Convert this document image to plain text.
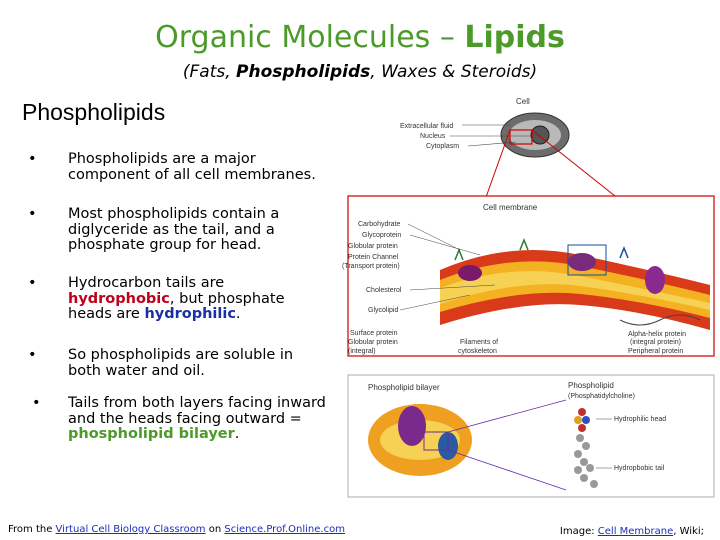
Organic Molecules – Lipids
(Fats, Phospholipids, Waxes & Steroids)
Phospholipids
• Phospholipids are a major component of all cell membranes.
• Most phospholipids contain a diglyceride as the tail, and a phosphate group for head.
• Hydrocarbon tails are hydrophobic, but phosphate heads are hydrophilic.
• So phospholipids are soluble in both water and oil.
• Tails from both layers facing inward and the heads facing outward = phospholipid bilayer.
Cell
Extracellular fluid
Nucleus
Cytoplasm
Cell membrane
Carbohydrate
Glycoprotein
Globular protein
Protein Channel
(Transport protein)
Cholesterol
Glycolipid
Surface protein
Globular protein
(integral)
Filaments of
cytoskeleton
Alpha-helix protein
(integral protein)
Peripheral protein
Phospholipid bilayer	Phospholipid
(Phosphatidylcholine)
Hydrophilic head
Hydropbobic tail
From the Virtual Cell Biology Classroom on Science.Prof.Online.com	Image: Cell Membrane, Wiki;
